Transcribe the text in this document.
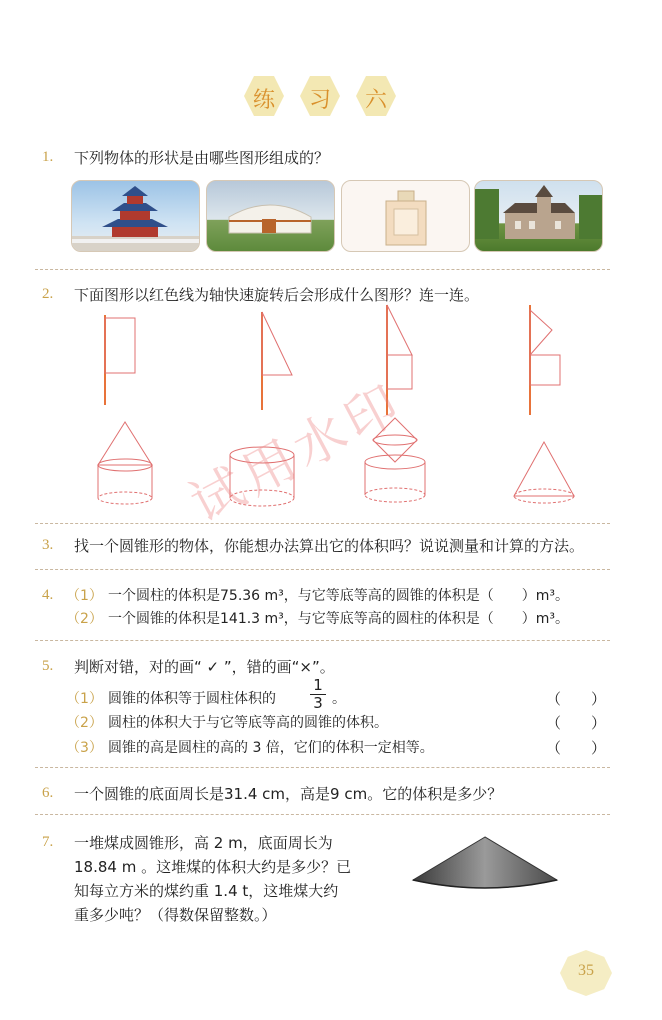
练	习	六
1. 下列物体的形状是由哪些图形组成的？
2. 下面图形以红色线为轴快速旋转后会形成什么图形？连一连。
3. 找一个圆锥形的物体，你能想办法算出它的体积吗？说说测量和计算的方法。
4. （1） 一个圆柱的体积是75.36 m³，与它等底等高的圆锥的体积是（　　）m³。
（2） 一个圆锥的体积是141.3 m³，与它等底等高的圆柱的体积是（　　）m³。
5. 判断对错，对的画“ ✓ ”，错的画“×”。
（1） 圆锥的体积等于圆柱体积的 $\frac{1}{3}$ 。	（　　）
（2） 圆柱的体积大于与它等底等高的圆锥的体积。	（　　）
（3） 圆锥的高是圆柱的高的 3 倍，它们的体积一定相等。	（　　）
6. 一个圆锥的底面周长是31.4 cm，高是9 cm。它的体积是多少？
7. 一堆煤成圆锥形，高 2 m，底面周长为
18.84 m 。这堆煤的体积大约是多少？已
知每立方米的煤约重 1.4 t，这堆煤大约
重多少吨？（得数保留整数。）
试用水印
35
